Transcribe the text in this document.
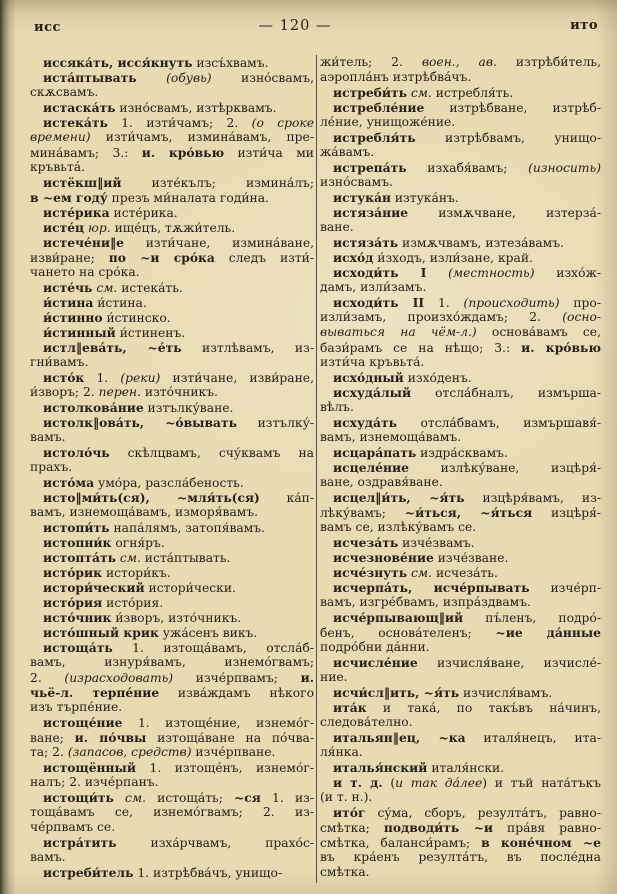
исс	— 120 —	ито
иссяка́ть, исся́кнуть изсъ́хвамъ.
иста́птывать (обувь) изно́свамъ,
скѫсвамъ.
истаска́ть изно́свамъ, изтѣрквамъ.
истека́ть 1. изти́чамъ; 2. (о сроке
времени) изти́чамъ, измина́вамъ, пре-
мина́вамъ; 3.: и. кро́вью изти́ча ми
кръвьта́.
истёкш‖ий изте́кълъ; измина́лъ;
в ~ем году́ презъ ми́налата годи́на.
исте́рика исте́рика.
исте́ц юр. ище́цъ, тѫжи́тель.
истече́ни‖е изти́чане, измина́ване,
изви́ране; по ~и сро́ка следъ изти́-
чането на сро́ка.
исте́чь см. истека́ть.
и́стина и́стина.
и́стинно и́стинско.
и́стинный и́стиненъ.
истл‖ева́ть, ~е́ть изтлѣвамъ, из-
гни́вамъ.
исто́к 1. (реки) изти́чане, изви́ране,
и́зворъ; 2. перен. изто́чникъ.
истолкова́ние изтълку́ване.
истолк‖ова́ть, ~о́вывать изтълку́-
вамъ.
истоло́чь скѣлцвамъ, счу́квамъ на
прахъ.
исто́ма умо́ра, разсла́беность.
исто‖ми́ть(ся), ~мля́ть(ся) ка́п-
вамъ, изнемоща́вамъ, изморя́вамъ.
истопи́ть напа́лямъ, затопя́вамъ.
истопни́к огня́ръ.
истопта́ть см. иста́птывать.
исто́рик истори́къ.
истори́ческий истори́чески.
исто́рия исто́рия.
исто́чник и́зворъ, изто́чникъ.
исто́шный крик ужа́сенъ викъ.
истоща́ть 1. изтоща́вамъ, отсла́б-
вамъ, изнуря́вамъ, изнемо́гвамъ;
2. (израсходовать) изче́рпвамъ; и.
чьё-л. терпе́ние изва́ждамъ нѣкого
изъ търпе́ние.
истоще́ние 1. изтоще́ние, изнемо́г-
ване; и. по́чвы изтоща́ване на по́чва-
та; 2. (запасов, средств) изче́рпване.
истощённый 1. изтоще́нъ, изнемо́г-
налъ; 2. изче́рпанъ.
истощи́ть см. истоща́ть; ~ся 1. из-
тоща́вамъ се, изнемо́гвамъ; 2. из-
че́рпвамъ се.
истра́тить изха́рчвамъ, прахо́с-
вамъ.
истреби́тель 1. изтрѣбва́чъ, унищо-
жи́тель; 2. воен., ав. изтрѣби́тель,
аэропла́нъ изтрѣбва́чъ.
истреби́ть см. истребля́ть.
истребле́ние изтрѣбване, изтрѣб-
ле́ние, унищоже́ние.
истребля́ть изтрѣбвамъ, унищо-
жа́вамъ.
истрепа́ть изхабя́вамъ; (износить)
изно́свамъ.
истука́н изтука́нъ.
истяза́ние измѫчване, изтерза́-
ване.
истяза́ть измѫчвамъ, изтеза́вамъ.
исхо́д и́зходъ, изли́зане, край.
исходи́ть I (местность) изхо́ж-
дамъ, изли́замъ.
исходи́ть II 1. (происходить) про-
изли́замъ, произхо́ждамъ; 2. (осно-
вываться на чём-л.) основа́вамъ се,
бази́рамъ се на нѣщо; 3.: и. кро́вью
изти́ча кръвьта́.
исхо́дный изхо́денъ.
исхуда́лый отсла́бналъ, измърша-
вѣлъ.
исхуда́ть отсла́бвамъ, измършавя́-
вамъ, изнемоща́вамъ.
исцара́пать издра́сквамъ.
исцеле́ние излѣку́ване, изцѣря́-
ване, оздравя́ване.
исцел‖и́ть, ~я́ть изцѣря́вамъ, из-
лѣку́вамъ; ~и́ться, ~я́ться изцѣря́-
вамъ се, излѣку́вамъ се.
исчеза́ть изче́звамъ.
исчезнове́ние изче́зване.
исче́знуть см. исчеза́ть.
исчерпа́ть, исче́рпывать изче́рп-
вамъ, изгре́бвамъ, изпра́здвамъ.
исче́рпывающ‖ий пъ́ленъ, подро́-
бенъ, основа́теленъ; ~ие да́нные
подро́бни да́нни.
исчисле́ние изчисля́ване, изчисле́-
ние.
исчи́сл‖ить, ~я́ть изчисля́вамъ.
ита́к и така́, по такъ́въ на́чинъ,
следова́телно.
итальян‖ец, ~ка италя́нецъ, ита-
ля́нка.
италья́нский италя́нски.
и т. д. (и так да́лее) и тъй ната́тъкъ
(и т. н.).
ито́г су́ма, сборъ, резулта́тъ, равно-
смѣтка; подводи́ть ~и пра́вя равно-
смѣтка, баланси́рамъ; в коне́чном ~е
въ кра́енъ резулта́тъ, въ после́дна
смѣтка.
